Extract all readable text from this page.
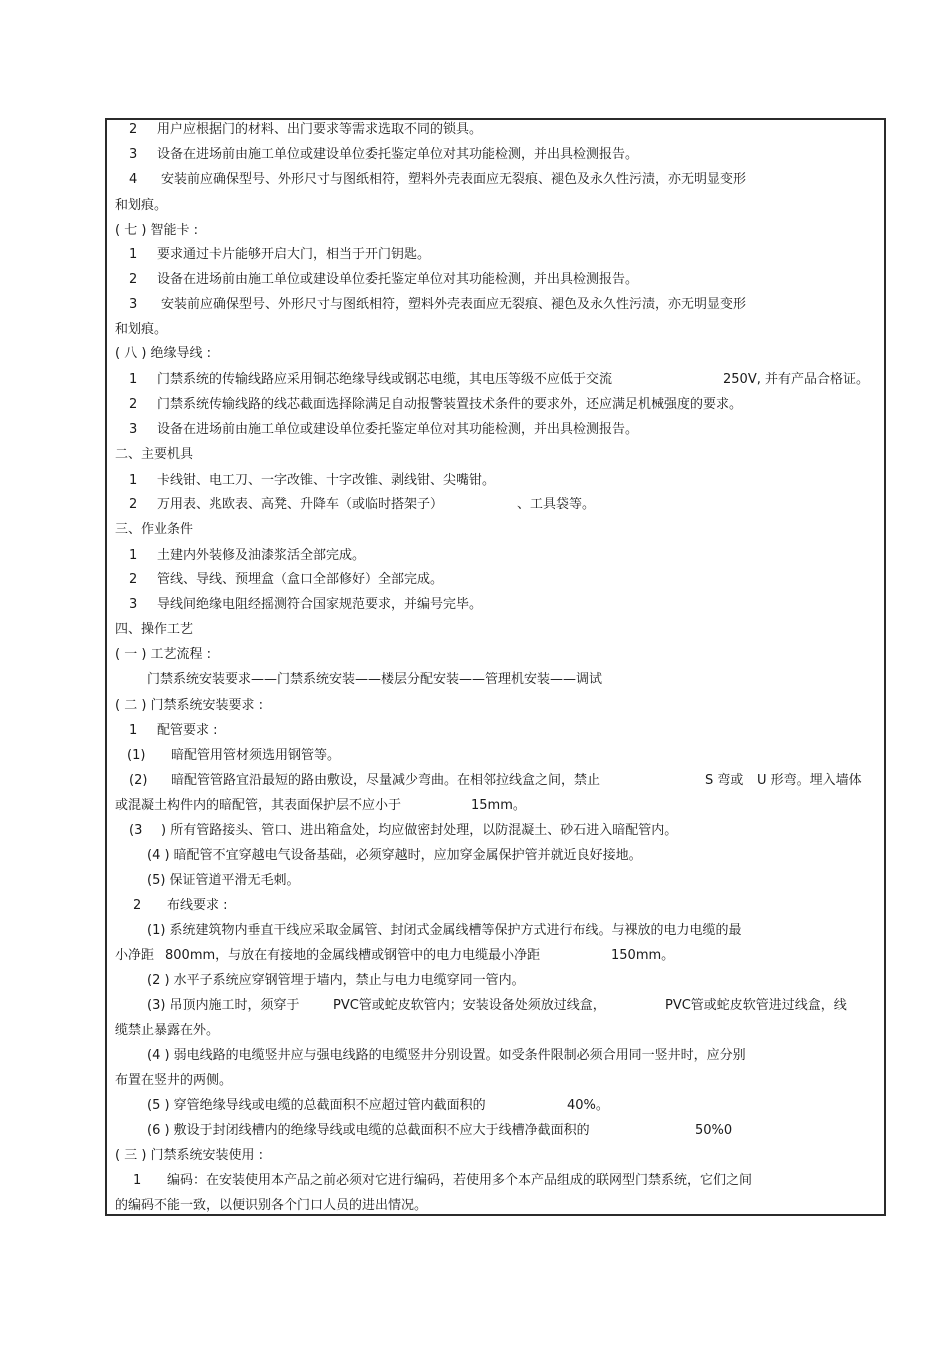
2 用户应根据门的材料、出门要求等需求选取不同的锁具。
3 设备在进场前由施工单位或建设单位委托鉴定单位对其功能检测，并出具检测报告。
4 安装前应确保型号、外形尺寸与图纸相符，塑料外壳表面应无裂痕、褪色及永久性污渍，亦无明显变形
和划痕。
( 七 ) 智能卡 :
1 要求通过卡片能够开启大门，相当于开门钥匙。
2 设备在进场前由施工单位或建设单位委托鉴定单位对其功能检测，并出具检测报告。
3 安装前应确保型号、外形尺寸与图纸相符，塑料外壳表面应无裂痕、褪色及永久性污渍，亦无明显变形
和划痕。
( 八 ) 绝缘导线 :
1 门禁系统的传输线路应采用铜芯绝缘导线或钢芯电缆，其电压等级不应低于交流	250V, 并有产品合格证。
2 门禁系统传输线路的线芯截面选择除满足自动报警装置技术条件的要求外，还应满足机械强度的要求。
3 设备在进场前由施工单位或建设单位委托鉴定单位对其功能检测，并出具检测报告。
二、主要机具
1 卡线钳、电工刀、一字改锥、十字改锥、剥线钳、尖嘴钳。
2 万用表、兆欧表、高凳、升降车（或临时搭架子）	、工具袋等。
三、作业条件
1 土建内外装修及油漆浆活全部完成。
2 管线、导线、预埋盒（盒口全部修好）全部完成。
3 导线间绝缘电阻经摇测符合国家规范要求，并编号完毕。
四、操作工艺
( 一 ) 工艺流程 :
门禁系统安装要求——门禁系统安装——楼层分配安装——管理机安装——调试
( 二 ) 门禁系统安装要求 :
1 配管要求 :
(1) 暗配管用管材须选用钢管等。
(2) 暗配管管路宜沿最短的路由敷设，尽量减少弯曲。在相邻拉线盒之间，禁止	S 弯或 U 形弯。埋入墙体
或混凝土构件内的暗配管，其表面保护层不应小于	15mm。
(3 ) 所有管路接头、管口、进出箱盒处，均应做密封处理，以防混凝土、砂石进入暗配管内。
(4 ) 暗配管不宜穿越电气设备基础，必须穿越时，应加穿金属保护管并就近良好接地。
(5) 保证管道平滑无毛刺。
2 布线要求 :
(1) 系统建筑物内垂直干线应采取金属管、封闭式金属线槽等保护方式进行布线。与裸放的电力电缆的最
小净距 800mm，与放在有接地的金属线槽或钢管中的电力电缆最小净距	150mm。
(2 ) 水平子系统应穿钢管埋于墙内，禁止与电力电缆穿同一管内。
(3) 吊顶内施工时，须穿于	PVC管或蛇皮软管内；安装设备处须放过线盒，	PVC管或蛇皮软管进过线盒，线
缆禁止暴露在外。
(4 ) 弱电线路的电缆竖井应与强电线路的电缆竖井分别设置。如受条件限制必须合用同一竖井时，应分别
布置在竖井的两侧。
(5 ) 穿管绝缘导线或电缆的总截面积不应超过管内截面积的	40%。
(6 ) 敷设于封闭线槽内的绝缘导线或电缆的总截面积不应大于线槽净截面积的	50%0
( 三 ) 门禁系统安装使用 :
1 编码：在安装使用本产品之前必须对它进行编码，若使用多个本产品组成的联网型门禁系统，它们之间
的编码不能一致，以便识别各个门口人员的进出情况。
